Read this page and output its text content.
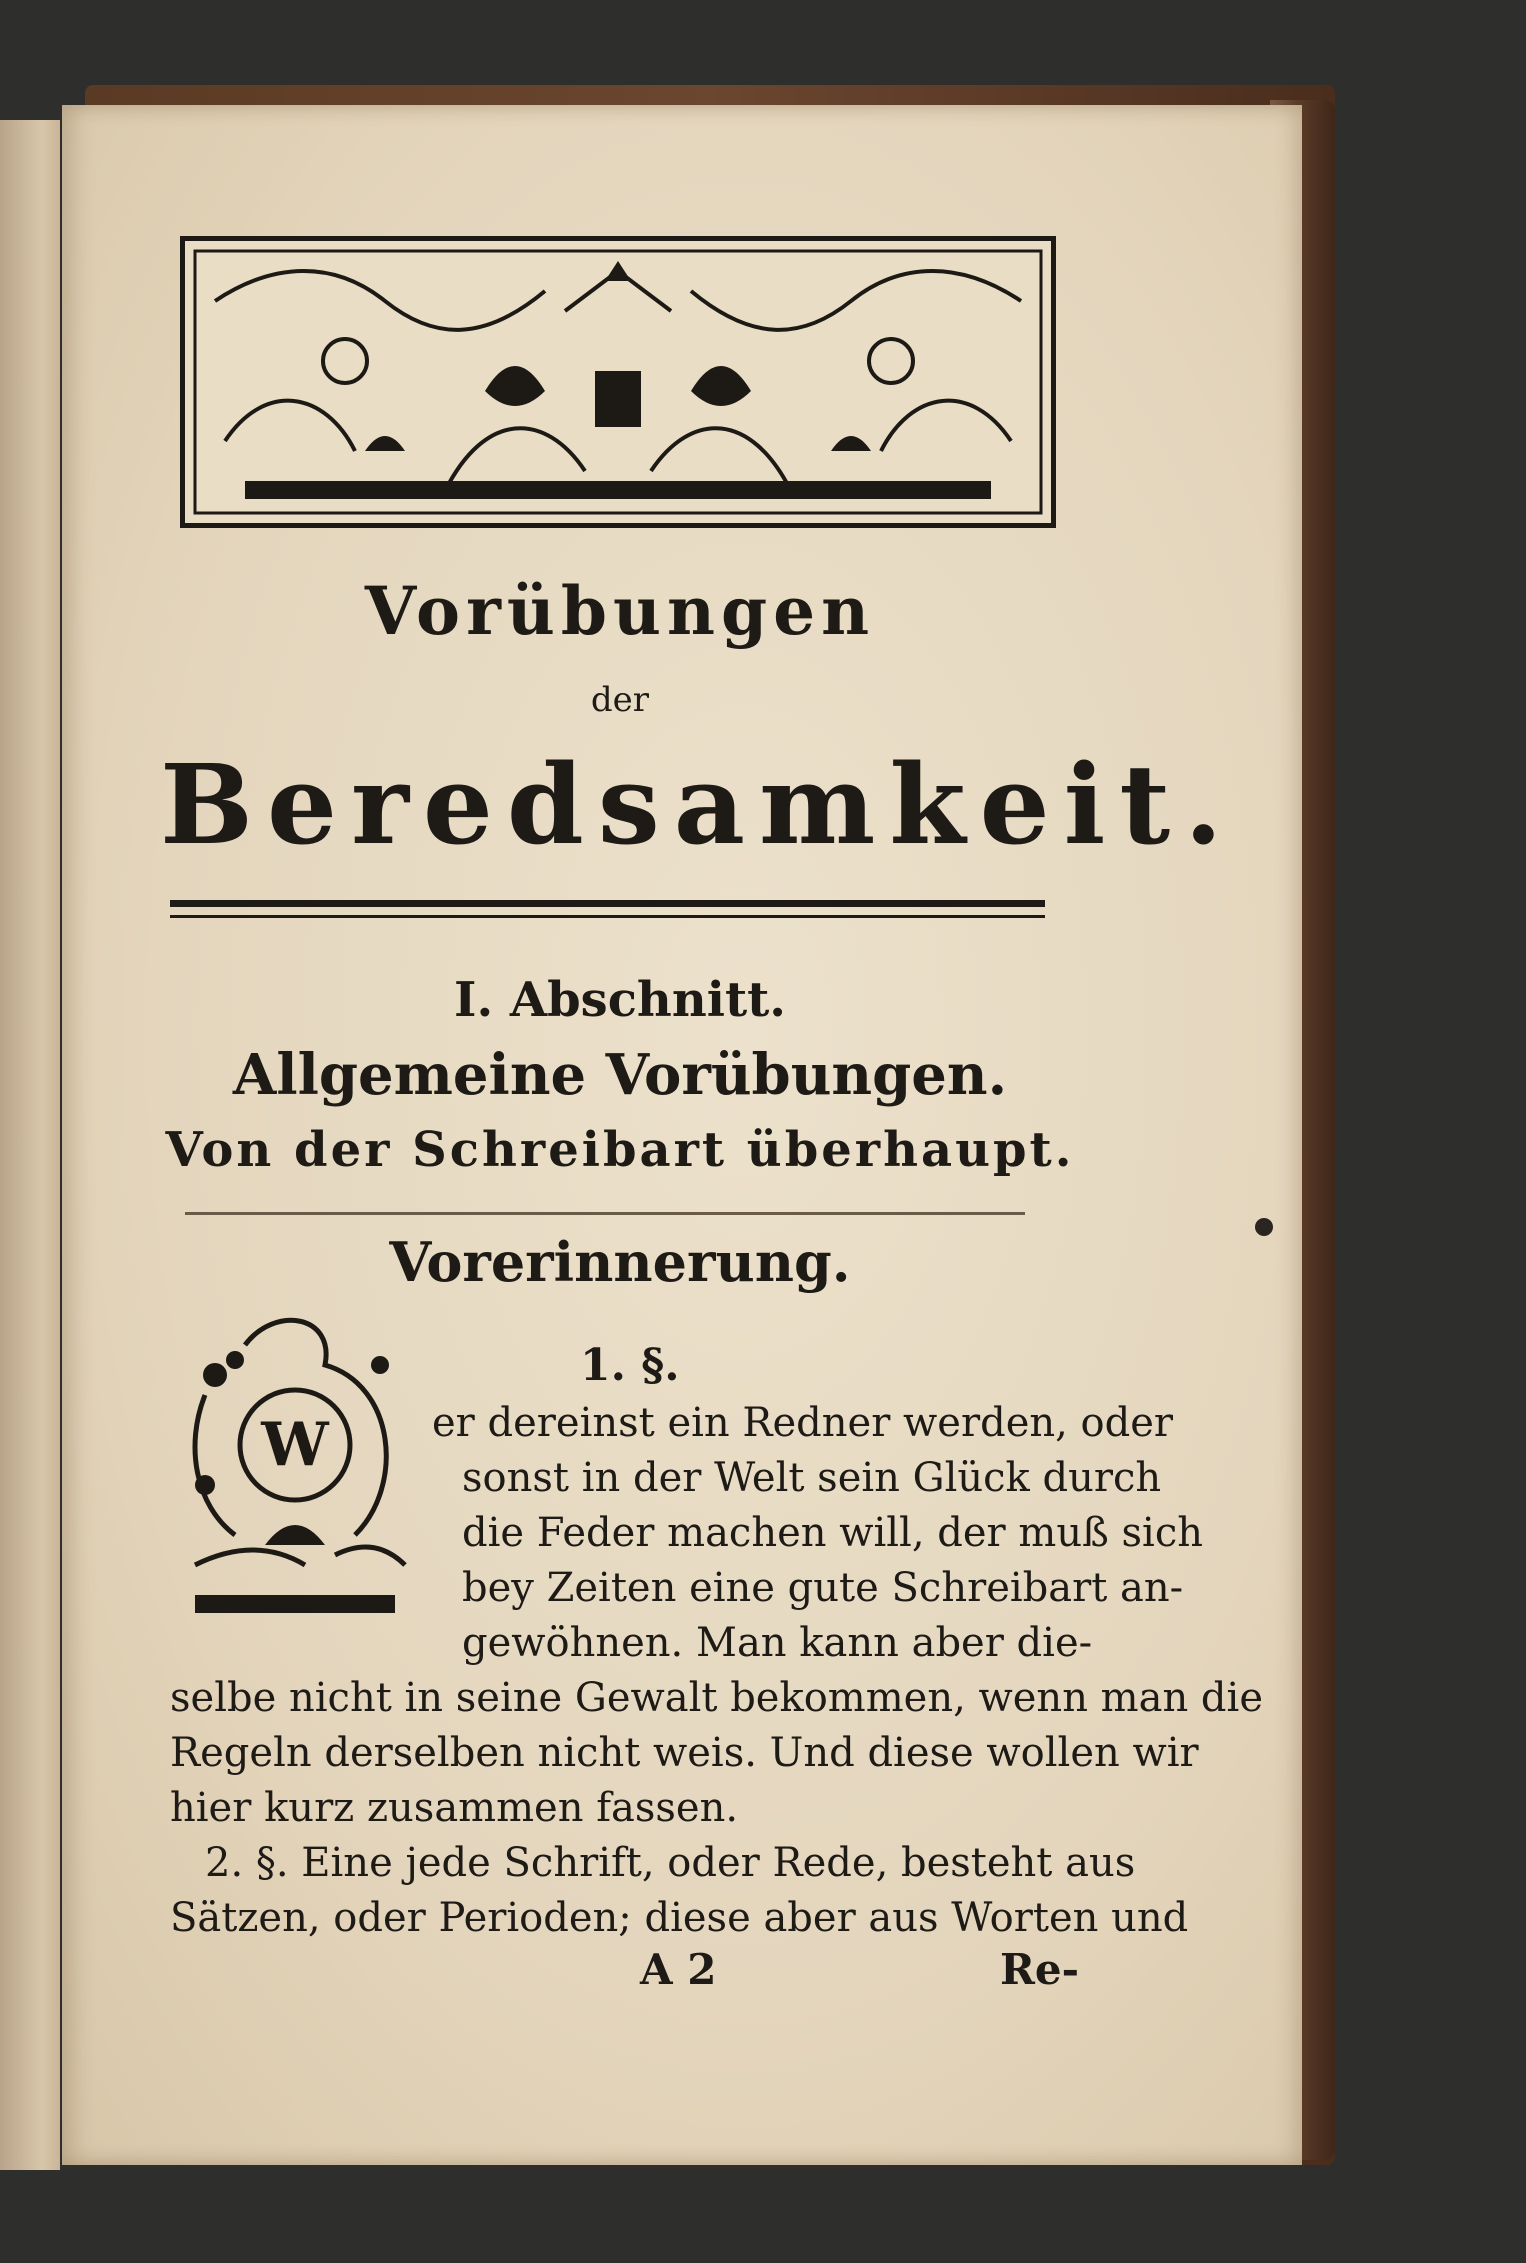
Vorübungen
der
Beredsamkeit.
I. Abschnitt.
Allgemeine Vorübungen.
Von der Schreibart überhaupt.
Vorerinnerung.
W
1. §.
er dereinst ein Redner werden, oder
sonst in der Welt sein Glück durch
die Feder machen will, der muß sich
bey Zeiten eine gute Schreibart an-
gewöhnen. Man kann aber die-
selbe nicht in seine Gewalt bekommen, wenn man die
Regeln derselben nicht weis. Und diese wollen wir
hier kurz zusammen fassen.
2. §. Eine jede Schrift, oder Rede, besteht aus
Sätzen, oder Perioden; diese aber aus Worten und
A 2	Re-
